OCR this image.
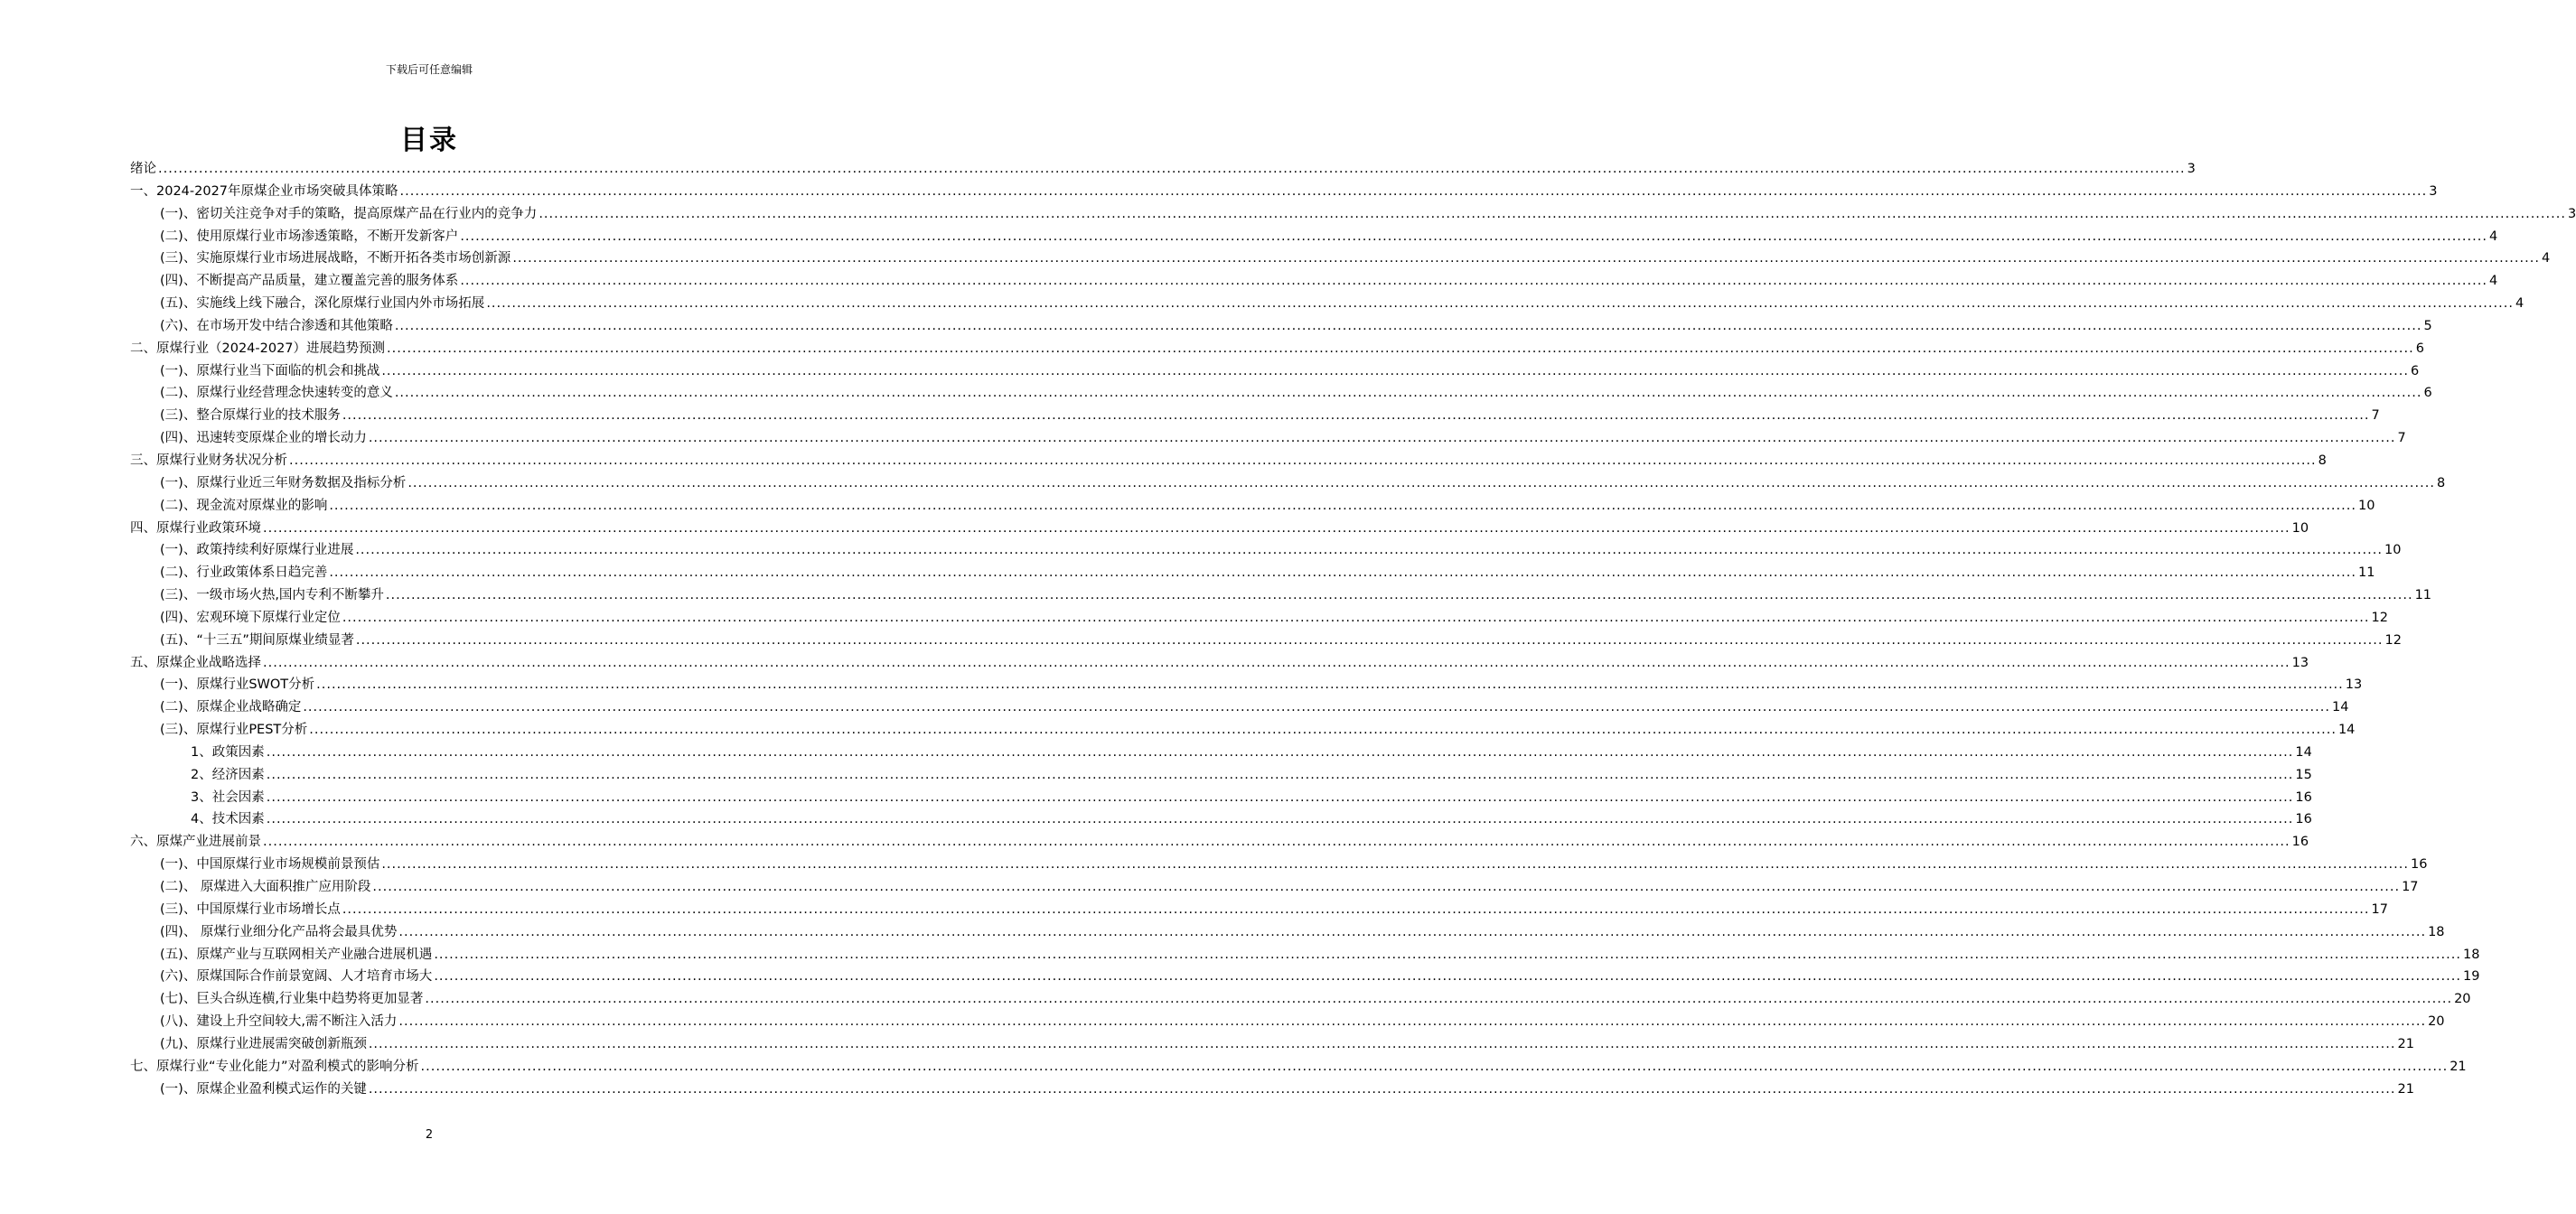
下载后可任意编辑
目录
绪论 ................................................................................................................................................................................................................................................................................................................................................................................................................ 3
一、2024-2027年原煤企业市场突破具体策略 ................................................................................................................................................................................................................................................................................................................................................................................................................ 3
(一)、密切关注竞争对手的策略，提高原煤产品在行业内的竞争力 ................................................................................................................................................................................................................................................................................................................................................................................................................ 3
(二)、使用原煤行业市场渗透策略，不断开发新客户 ................................................................................................................................................................................................................................................................................................................................................................................................................ 4
(三)、实施原煤行业市场进展战略，不断开拓各类市场创新源 ................................................................................................................................................................................................................................................................................................................................................................................................................ 4
(四)、不断提高产品质量，建立覆盖完善的服务体系 ................................................................................................................................................................................................................................................................................................................................................................................................................ 4
(五)、实施线上线下融合，深化原煤行业国内外市场拓展 ................................................................................................................................................................................................................................................................................................................................................................................................................ 4
(六)、在市场开发中结合渗透和其他策略 ................................................................................................................................................................................................................................................................................................................................................................................................................ 5
二、原煤行业（2024-2027）进展趋势预测 ................................................................................................................................................................................................................................................................................................................................................................................................................ 6
(一)、原煤行业当下面临的机会和挑战 ................................................................................................................................................................................................................................................................................................................................................................................................................ 6
(二)、原煤行业经营理念快速转变的意义 ................................................................................................................................................................................................................................................................................................................................................................................................................ 6
(三)、整合原煤行业的技术服务 ................................................................................................................................................................................................................................................................................................................................................................................................................ 7
(四)、迅速转变原煤企业的增长动力 ................................................................................................................................................................................................................................................................................................................................................................................................................ 7
三、原煤行业财务状况分析 ................................................................................................................................................................................................................................................................................................................................................................................................................ 8
(一)、原煤行业近三年财务数据及指标分析 ................................................................................................................................................................................................................................................................................................................................................................................................................ 8
(二)、现金流对原煤业的影响 ................................................................................................................................................................................................................................................................................................................................................................................................................ 10
四、原煤行业政策环境 ................................................................................................................................................................................................................................................................................................................................................................................................................ 10
(一)、政策持续利好原煤行业进展 ................................................................................................................................................................................................................................................................................................................................................................................................................ 10
(二)、行业政策体系日趋完善 ................................................................................................................................................................................................................................................................................................................................................................................................................ 11
(三)、一级市场火热,国内专利不断攀升 ................................................................................................................................................................................................................................................................................................................................................................................................................ 11
(四)、宏观环境下原煤行业定位 ................................................................................................................................................................................................................................................................................................................................................................................................................ 12
(五)、“十三五”期间原煤业绩显著 ................................................................................................................................................................................................................................................................................................................................................................................................................ 12
五、原煤企业战略选择 ................................................................................................................................................................................................................................................................................................................................................................................................................ 13
(一)、原煤行业SWOT分析 ................................................................................................................................................................................................................................................................................................................................................................................................................ 13
(二)、原煤企业战略确定 ................................................................................................................................................................................................................................................................................................................................................................................................................ 14
(三)、原煤行业PEST分析 ................................................................................................................................................................................................................................................................................................................................................................................................................ 14
1、政策因素 ................................................................................................................................................................................................................................................................................................................................................................................................................ 14
2、经济因素 ................................................................................................................................................................................................................................................................................................................................................................................................................ 15
3、社会因素 ................................................................................................................................................................................................................................................................................................................................................................................................................ 16
4、技术因素 ................................................................................................................................................................................................................................................................................................................................................................................................................ 16
六、原煤产业进展前景 ................................................................................................................................................................................................................................................................................................................................................................................................................ 16
(一)、中国原煤行业市场规模前景预估 ................................................................................................................................................................................................................................................................................................................................................................................................................ 16
(二)、 原煤进入大面积推广应用阶段 ................................................................................................................................................................................................................................................................................................................................................................................................................ 17
(三)、中国原煤行业市场增长点 ................................................................................................................................................................................................................................................................................................................................................................................................................ 17
(四)、 原煤行业细分化产品将会最具优势 ................................................................................................................................................................................................................................................................................................................................................................................................................ 18
(五)、原煤产业与互联网相关产业融合进展机遇 ................................................................................................................................................................................................................................................................................................................................................................................................................ 18
(六)、原煤国际合作前景宽阔、人才培育市场大 ................................................................................................................................................................................................................................................................................................................................................................................................................ 19
(七)、巨头合纵连横,行业集中趋势将更加显著 ................................................................................................................................................................................................................................................................................................................................................................................................................ 20
(八)、建设上升空间较大,需不断注入活力 ................................................................................................................................................................................................................................................................................................................................................................................................................ 20
(九)、原煤行业进展需突破创新瓶颈 ................................................................................................................................................................................................................................................................................................................................................................................................................ 21
七、原煤行业“专业化能力”对盈利模式的影响分析 ................................................................................................................................................................................................................................................................................................................................................................................................................ 21
(一)、原煤企业盈利模式运作的关键 ................................................................................................................................................................................................................................................................................................................................................................................................................ 21
2
